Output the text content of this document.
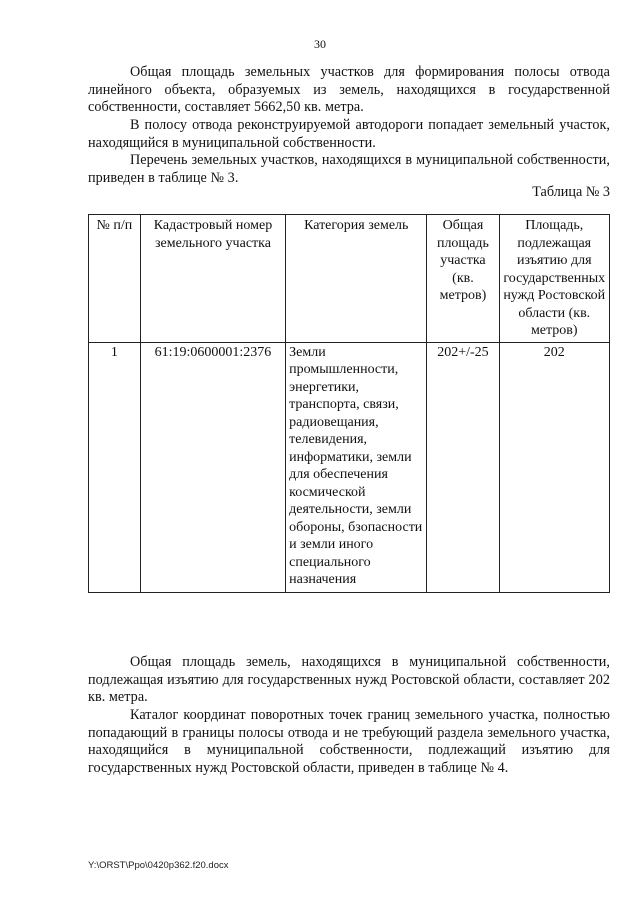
30

Общая площадь земельных участков для формирования полосы отвода линейного объекта, образуемых из земель, находящихся в государственной собственности, составляет 5662,50 кв. метра.

В полосу отвода реконструируемой автодороги попадает земельный участок, находящийся в муниципальной собственности.

Перечень земельных участков, находящихся в муниципальной собственности, приведен в таблице № 3.

Таблица № 3
№ п/п	Кадастровый номер земельного участка	Категория земель	Общая площадь участка (кв. метров)	Площадь, подлежащая изъятию для государственных нужд Ростовской области (кв. метров)
1	61:19:0600001:2376	Земли промышленности, энергетики, транспорта, связи, радиовещания, телевидения, информатики, земли для обеспечения космической деятельности, земли обороны, бзопасности и земли иного специального назначения	202+/-25	202

Общая площадь земель, находящихся в муниципальной собственности, подлежащая изъятию для государственных нужд Ростовской области, составляет 202 кв. метра.

Каталог координат поворотных точек границ земельного участка, полностью попадающий в границы полосы отвода и не требующий раздела земельного участка, находящийся в муниципальной собственности, подлежащий изъятию для государственных нужд Ростовской области, приведен в таблице № 4.

Y:\ORST\Ppo\0420p362.f20.docx
